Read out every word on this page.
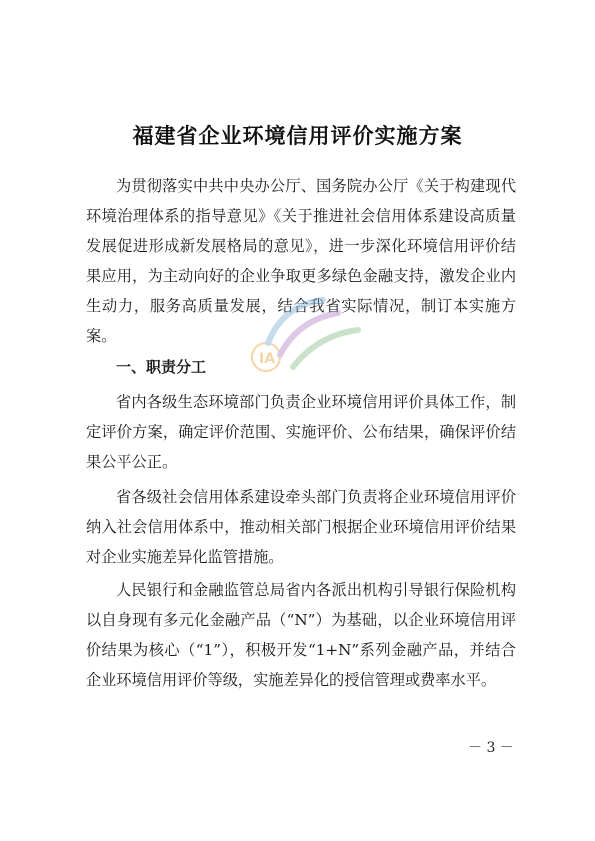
福建省企业环境信用评价实施方案

为贯彻落实中共中央办公厅、国务院办公厅《关于构建现代环境治理体系的指导意见》《关于推进社会信用体系建设高质量发展促进形成新发展格局的意见》，进一步深化环境信用评价结果应用，为主动向好的企业争取更多绿色金融支持，激发企业内生动力，服务高质量发展，结合我省实际情况，制订本实施方案。

一、职责分工

省内各级生态环境部门负责企业环境信用评价具体工作，制定评价方案，确定评价范围、实施评价、公布结果，确保评价结果公平公正。

省各级社会信用体系建设牵头部门负责将企业环境信用评价纳入社会信用体系中，推动相关部门根据企业环境信用评价结果对企业实施差异化监管措施。

人民银行和金融监管总局省内各派出机构引导银行保险机构以自身现有多元化金融产品（“N”）为基础，以企业环境信用评价结果为核心（“1”），积极开发“1+N”系列金融产品，并结合企业环境信用评价等级，实施差异化的授信管理或费率水平。

－ 3 －
IA
